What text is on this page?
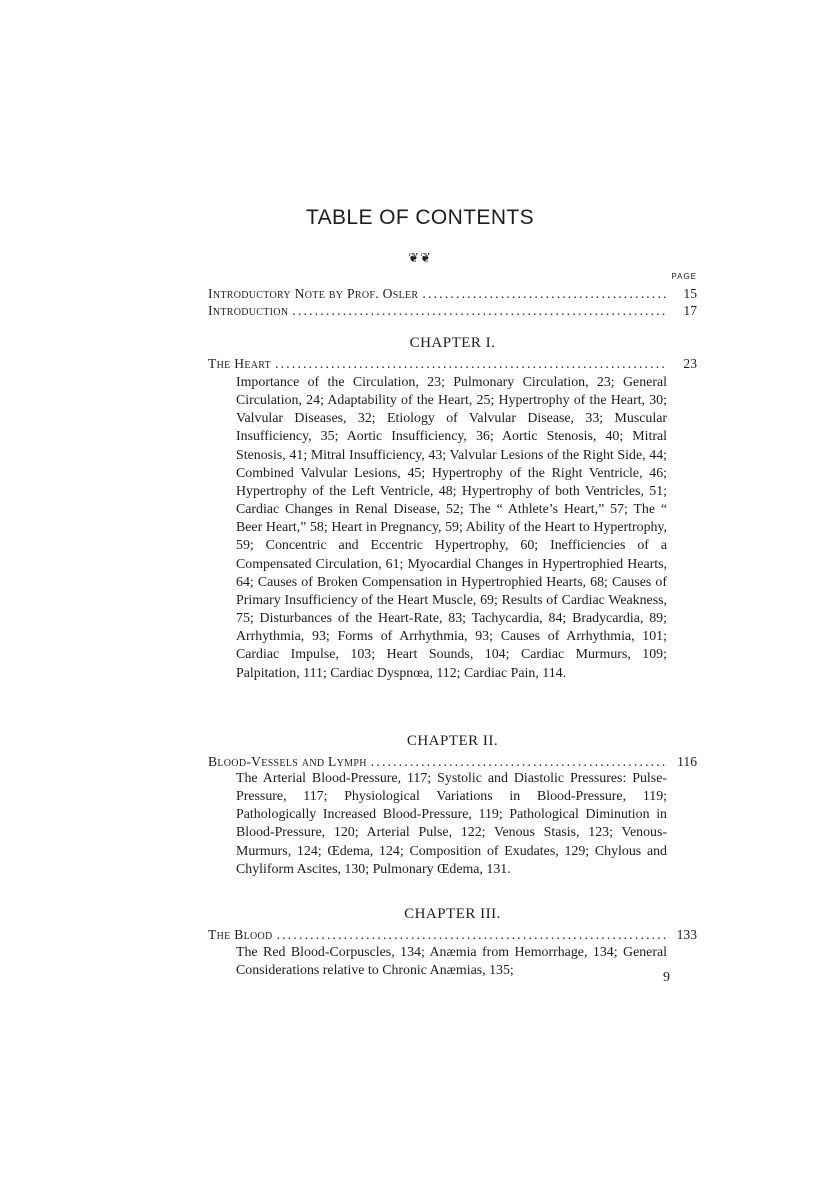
TABLE OF CONTENTS
❦❦
PAGE
Introductory Note by Prof. Osler .....	15
Introduction .....	17
CHAPTER I.
The Heart .....	23

Importance of the Circulation, 23; Pulmonary Circulation, 23; General Circulation, 24; Adaptability of the Heart, 25; Hypertrophy of the Heart, 30; Valvular Diseases, 32; Etiology of Valvular Disease, 33; Muscular Insufficiency, 35; Aortic Insufficiency, 36; Aortic Stenosis, 40; Mitral Stenosis, 41; Mitral Insufficiency, 43; Valvular Lesions of the Right Side, 44; Combined Valvular Lesions, 45; Hypertrophy of the Right Ventricle, 46; Hypertrophy of the Left Ventricle, 48; Hypertrophy of both Ventricles, 51; Cardiac Changes in Renal Disease, 52; The “ Athlete’s Heart,” 57; The “ Beer Heart,” 58; Heart in Pregnancy, 59; Ability of the Heart to Hypertrophy, 59; Concentric and Eccentric Hypertrophy, 60; Inefficiencies of a Compensated Circulation, 61; Myocardial Changes in Hypertrophied Hearts, 64; Causes of Broken Compensation in Hypertrophied Hearts, 68; Causes of Primary Insufficiency of the Heart Muscle, 69; Results of Cardiac Weakness, 75; Disturbances of the Heart-Rate, 83; Tachycardia, 84; Bradycardia, 89; Arrhythmia, 93; Forms of Arrhythmia, 93; Causes of Arrhythmia, 101; Cardiac Impulse, 103; Heart Sounds, 104; Cardiac Murmurs, 109; Palpitation, 111; Cardiac Dyspnœa, 112; Cardiac Pain, 114.

CHAPTER II.
Blood-Vessels and Lymph .....	116

The Arterial Blood-Pressure, 117; Systolic and Diastolic Pressures: Pulse-Pressure, 117; Physiological Variations in Blood-Pressure, 119; Pathologically Increased Blood-Pressure, 119; Pathological Diminution in Blood-Pressure, 120; Arterial Pulse, 122; Venous Stasis, 123; Venous-Murmurs, 124; Œdema, 124; Composition of Exudates, 129; Chylous and Chyliform Ascites, 130; Pulmonary Œdema, 131.

CHAPTER III.
The Blood .....	133

The Red Blood-Corpuscles, 134; Anæmia from Hemorrhage, 134; General Considerations relative to Chronic Anæmias, 135;	9
